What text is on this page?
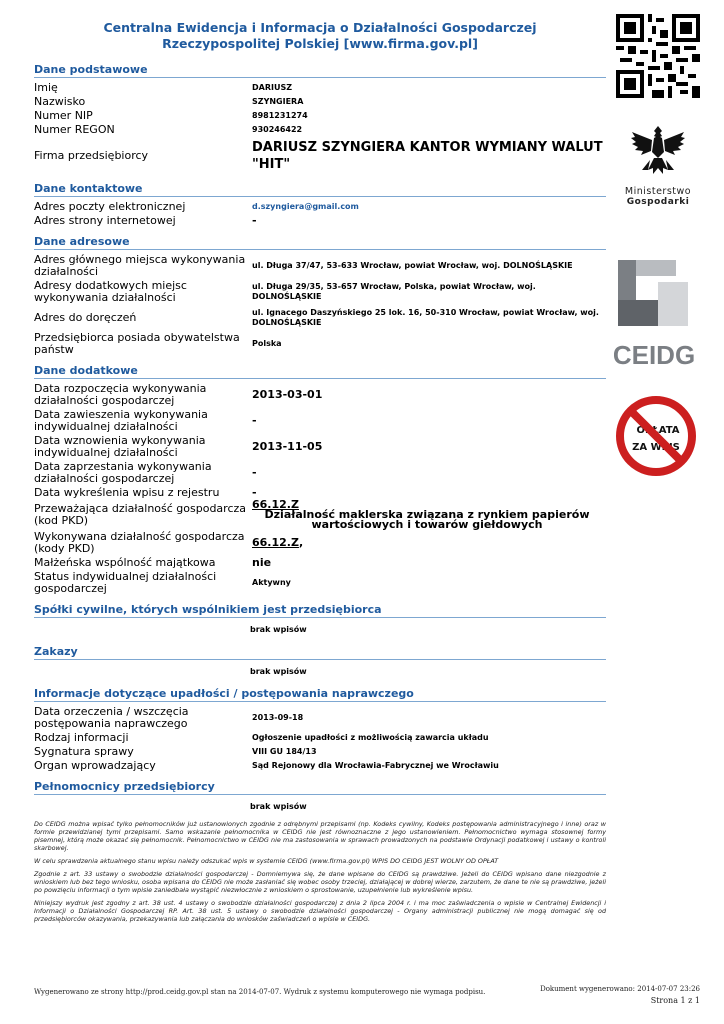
Centralna Ewidencja i Informacja o Działalności Gospodarczej
Rzeczypospolitej Polskiej [www.firma.gov.pl]
Dane podstawowe
Imię	DARIUSZ
Nazwisko	SZYNGIERA
Numer NIP	8981231274
Numer REGON	930246422
Firma przedsiębiorcy	DARIUSZ SZYNGIERA KANTOR WYMIANY WALUT "HIT"
Dane kontaktowe
Adres poczty elektronicznej	d.szyngiera@gmail.com
Adres strony internetowej	-
Dane adresowe
Adres głównego miejsca wykonywania działalności	ul. Długa 37/47, 53-633 Wrocław, powiat Wrocław, woj. DOLNOŚLĄSKIE
Adresy dodatkowych miejsc wykonywania działalności	ul. Długa 29/35, 53-657 Wrocław, Polska, powiat Wrocław, woj. DOLNOŚLĄSKIE
Adres do doręczeń	ul. Ignacego Daszyńskiego 25 lok. 16, 50-310 Wrocław, powiat Wrocław, woj. DOLNOŚLĄSKIE
Przedsiębiorca posiada obywatelstwa państw	Polska
Dane dodatkowe
Data rozpoczęcia wykonywania działalności gospodarczej	2013-03-01
Data zawieszenia wykonywania indywidualnej działalności	-
Data wznowienia wykonywania indywidualnej działalności	2013-11-05
Data zaprzestania wykonywania działalności gospodarczej	-
Data wykreślenia wpisu z rejestru	-
Przeważająca działalność gospodarcza (kod PKD)	66.12.Z Działalność maklerska związana z rynkiem papierów wartościowych i towarów giełdowych
Wykonywana działalność gospodarcza (kody PKD)	66.12.Z,
Małżeńska wspólność majątkowa	nie
Status indywidualnej działalności gospodarczej	Aktywny
Spółki cywilne, których wspólnikiem jest przedsiębiorca
brak wpisów
Zakazy
brak wpisów
Informacje dotyczące upadłości / postępowania naprawczego
Data orzeczenia / wszczęcia postępowania naprawczego	2013-09-18
Rodzaj informacji	Ogłoszenie upadłości z możliwością zawarcia układu
Sygnatura sprawy	VIII GU 184/13
Organ wprowadzający	Sąd Rejonowy dla Wrocławia-Fabrycznej we Wrocławiu
Pełnomocnicy przedsiębiorcy
brak wpisów
Do CEIDG można wpisać tylko pełnomocników już ustanowionych zgodnie z odrębnymi przepisami (np. Kodeks cywilny, Kodeks postępowania administracyjnego i inne) oraz w formie przewidzianej tymi przepisami. Samo wskazanie pełnomocnika w CEIDG nie jest równoznaczne z jego ustanowieniem. Pełnomocnictwo wymaga stosownej formy pisemnej, którą może okazać się pełnomocnik. Pełnomocnictwo w CEIDG nie ma zastosowania w sprawach prowadzonych na podstawie Ordynacji podatkowej i ustawy o kontroli skarbowej.
W celu sprawdzenia aktualnego stanu wpisu należy odszukać wpis w systemie CEIDG (www.firma.gov.pl) WPIS DO CEIDG JEST WOLNY OD OPŁAT
Zgodnie z art. 33 ustawy o swobodzie działalności gospodarczej - Domniemywa się, że dane wpisane do CEIDG są prawdziwe. Jeżeli do CEIDG wpisano dane niezgodnie z wnioskiem lub bez tego wniosku, osoba wpisana do CEIDG nie może zasłaniać się wobec osoby trzeciej, działającej w dobrej wierze, zarzutem, że dane te nie są prawdziwe, jeżeli po powzięciu informacji o tym wpisie zaniedbała wystąpić niezwłocznie z wnioskiem o sprostowanie, uzupełnienie lub wykreślenie wpisu.
Niniejszy wydruk jest zgodny z art. 38 ust. 4 ustawy o swobodzie działalności gospodarczej z dnia 2 lipca 2004 r. i ma moc zaświadczenia o wpisie w Centralnej Ewidencji i Informacji o Działalności Gospodarczej RP. Art. 38 ust. 5 ustawy o swobodzie działalności gospodarczej - Organy administracji publicznej nie mogą domagać się od przedsiębiorców okazywania, przekazywania lub załączania do wniosków zaświadczeń o wpisie w CEIDG.
Wygenerowano ze strony http://prod.ceidg.gov.pl stan na 2014-07-07. Wydruk z systemu komputerowego nie wymaga podpisu.	Dokument wygenerowano: 2014-07-07 23:26
Strona 1 z 1

Ministerstwo
Gospodarki
CEIDG

OPŁATA
ZA WPIS
